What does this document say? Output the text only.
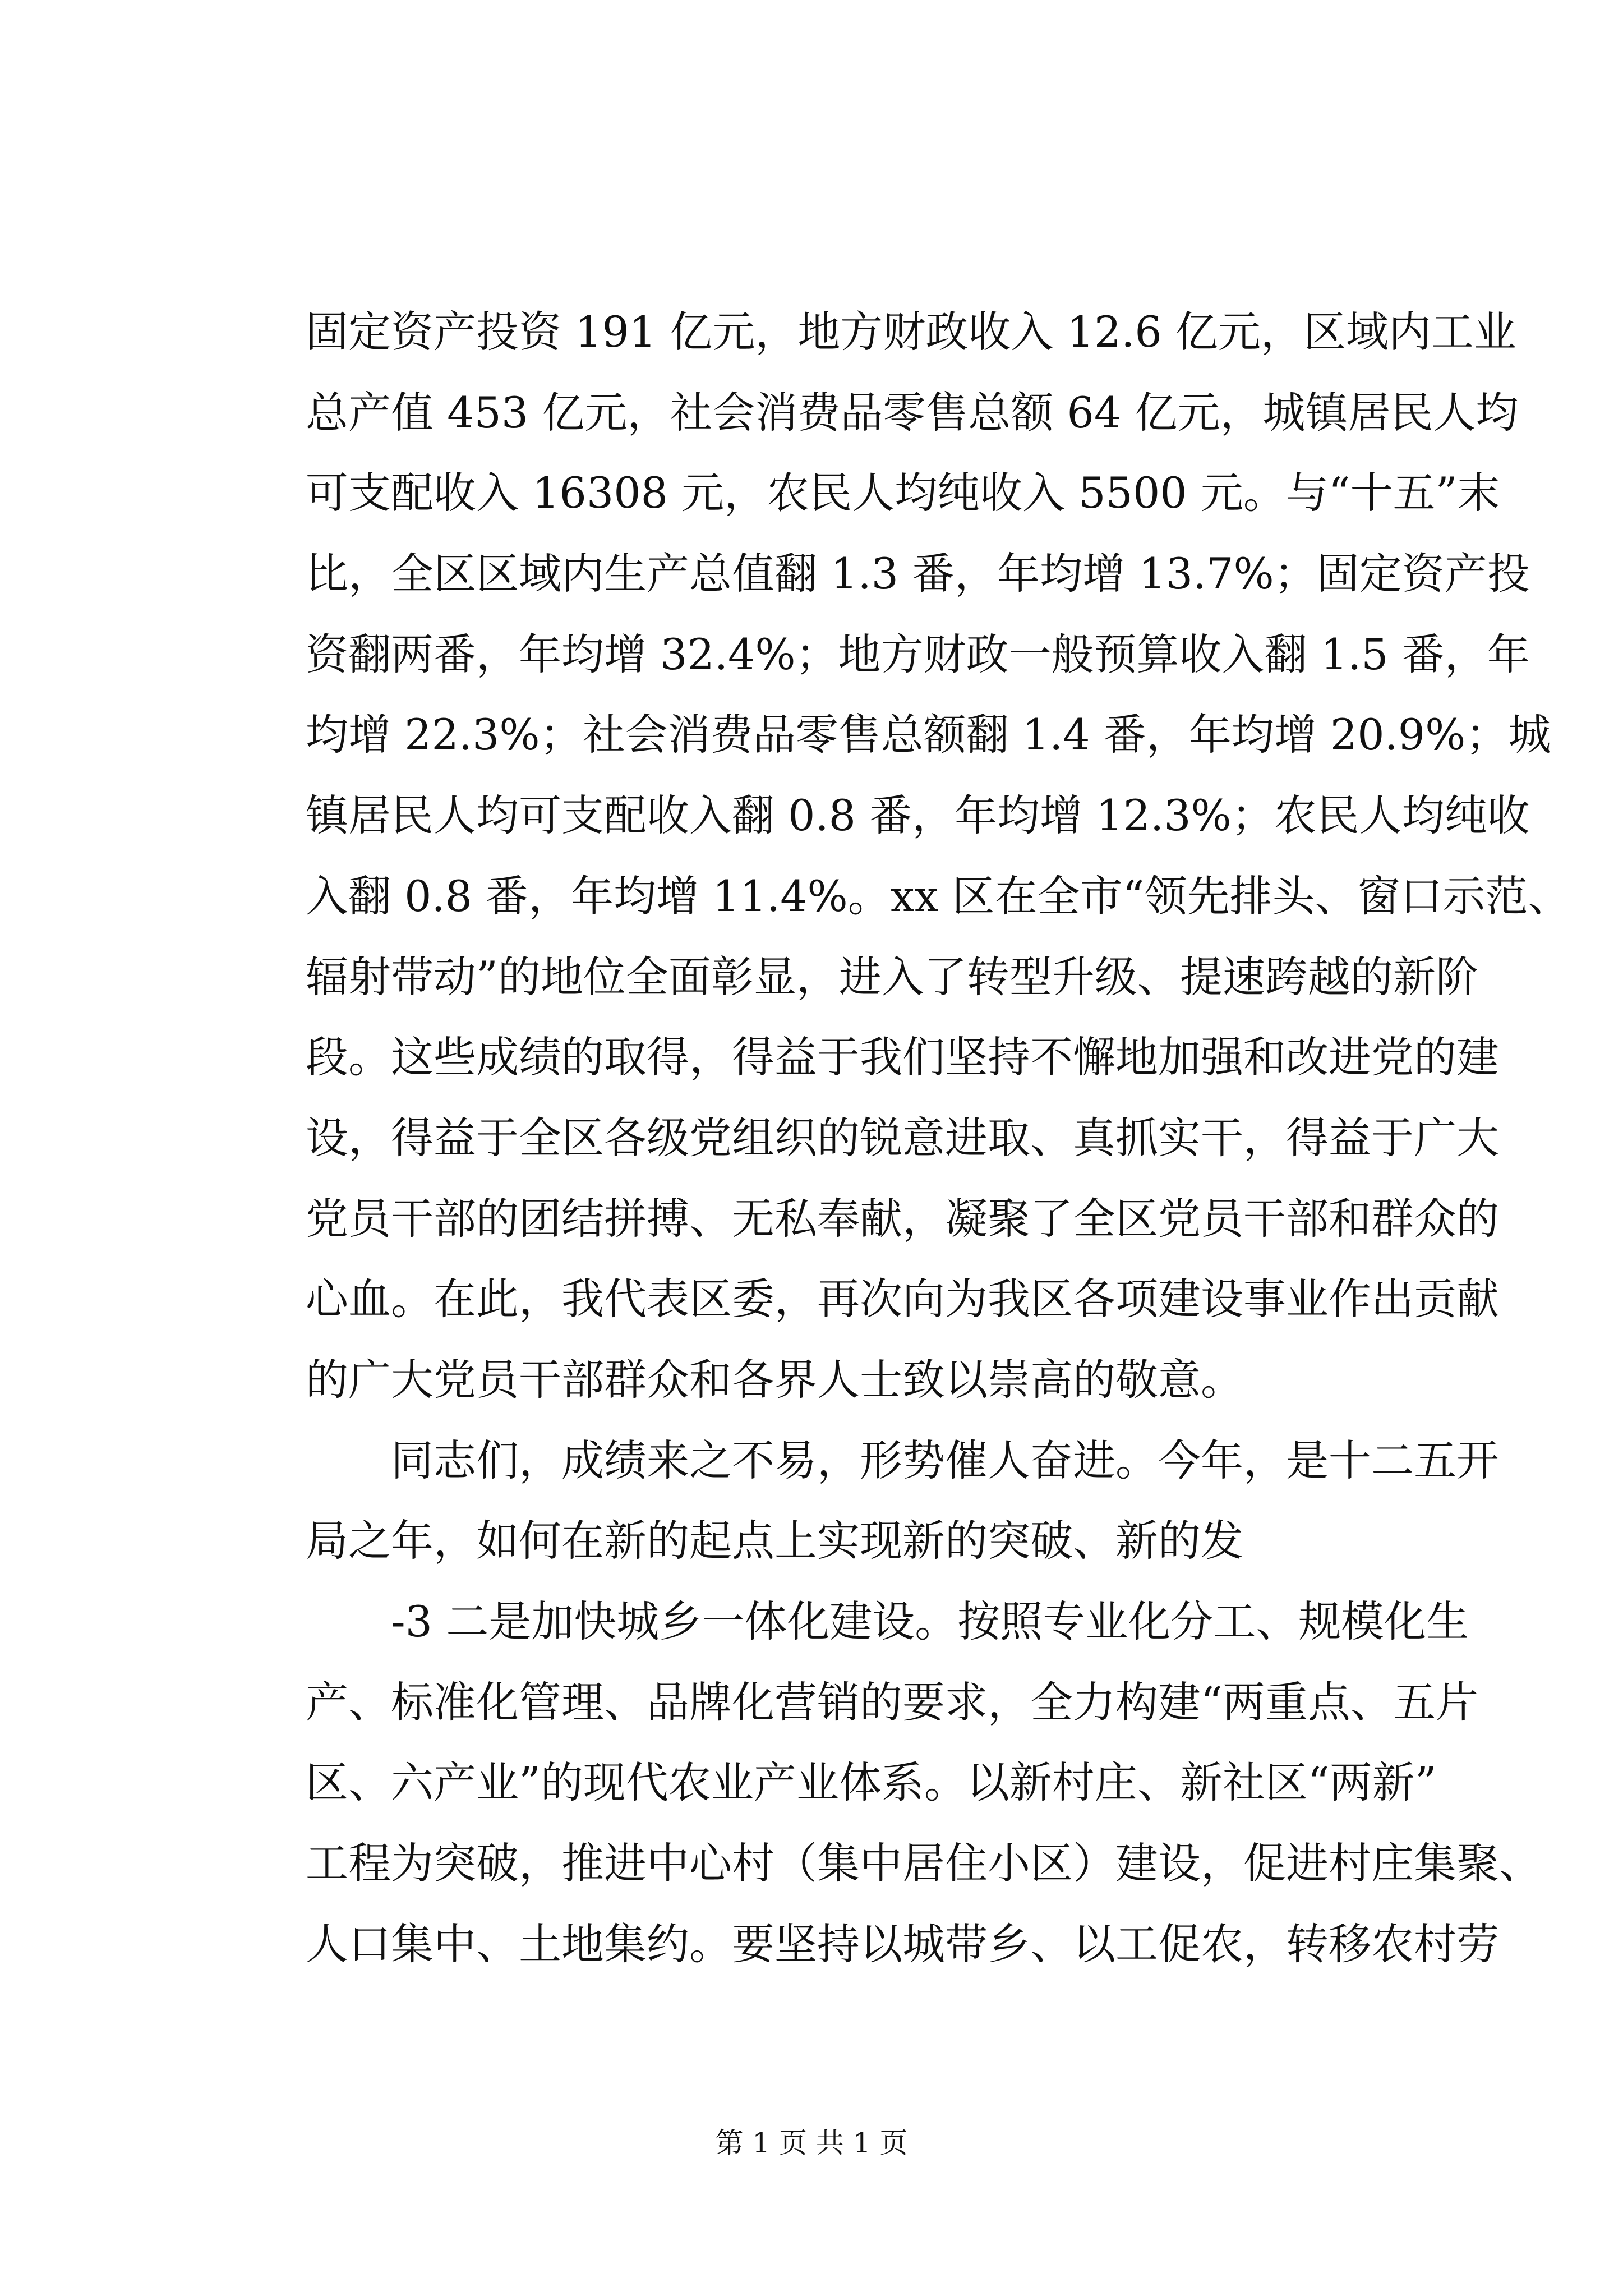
固定资产投资 191 亿元，地方财政收入 12.6 亿元，区域内工业
总产值 453 亿元，社会消费品零售总额 64 亿元，城镇居民人均
可支配收入 16308 元，农民人均纯收入 5500 元。与“十五”末
比，全区区域内生产总值翻 1.3 番，年均增 13.7%；固定资产投
资翻两番，年均增 32.4%；地方财政一般预算收入翻 1.5 番，年
均增 22.3%；社会消费品零售总额翻 1.4 番，年均增 20.9%；城
镇居民人均可支配收入翻 0.8 番，年均增 12.3%；农民人均纯收
入翻 0.8 番，年均增 11.4%。xx 区在全市“领先排头、窗口示范、
辐射带动”的地位全面彰显，进入了转型升级、提速跨越的新阶
段。这些成绩的取得，得益于我们坚持不懈地加强和改进党的建
设，得益于全区各级党组织的锐意进取、真抓实干，得益于广大
党员干部的团结拼搏、无私奉献，凝聚了全区党员干部和群众的
心血。在此，我代表区委，再次向为我区各项建设事业作出贡献
的广大党员干部群众和各界人士致以崇高的敬意。
同志们，成绩来之不易，形势催人奋进。今年，是十二五开
局之年，如何在新的起点上实现新的突破、新的发
-3 二是加快城乡一体化建设。按照专业化分工、规模化生
产、标准化管理、品牌化营销的要求，全力构建“两重点、五片
区、六产业”的现代农业产业体系。以新村庄、新社区“两新”
工程为突破，推进中心村（集中居住小区）建设，促进村庄集聚、
人口集中、土地集约。要坚持以城带乡、以工促农，转移农村劳
第 1 页 共 1 页
